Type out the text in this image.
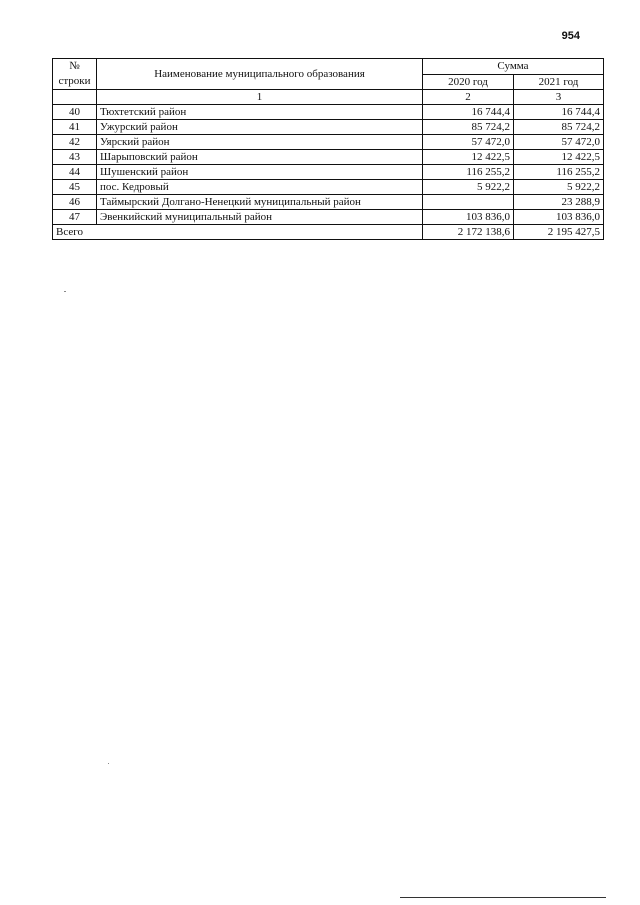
954
№
строки	Наименование муниципального образования	Сумма	
		2020 год	2021 год
	1	2	3
40	Тюхтетский район	16 744,4	16 744,4
41	Ужурский район	85 724,2	85 724,2
42	Уярский район	57 472,0	57 472,0
43	Шарыповский район	12 422,5	12 422,5
44	Шушенский район	116 255,2	116 255,2
45	пос. Кедровый	5 922,2	5 922,2
46	Таймырский Долгано-Ненецкий муниципальный район		23 288,9
47	Эвенкийский муниципальный район	103 836,0	103 836,0
Всего		2 172 138,6	2 195 427,5
